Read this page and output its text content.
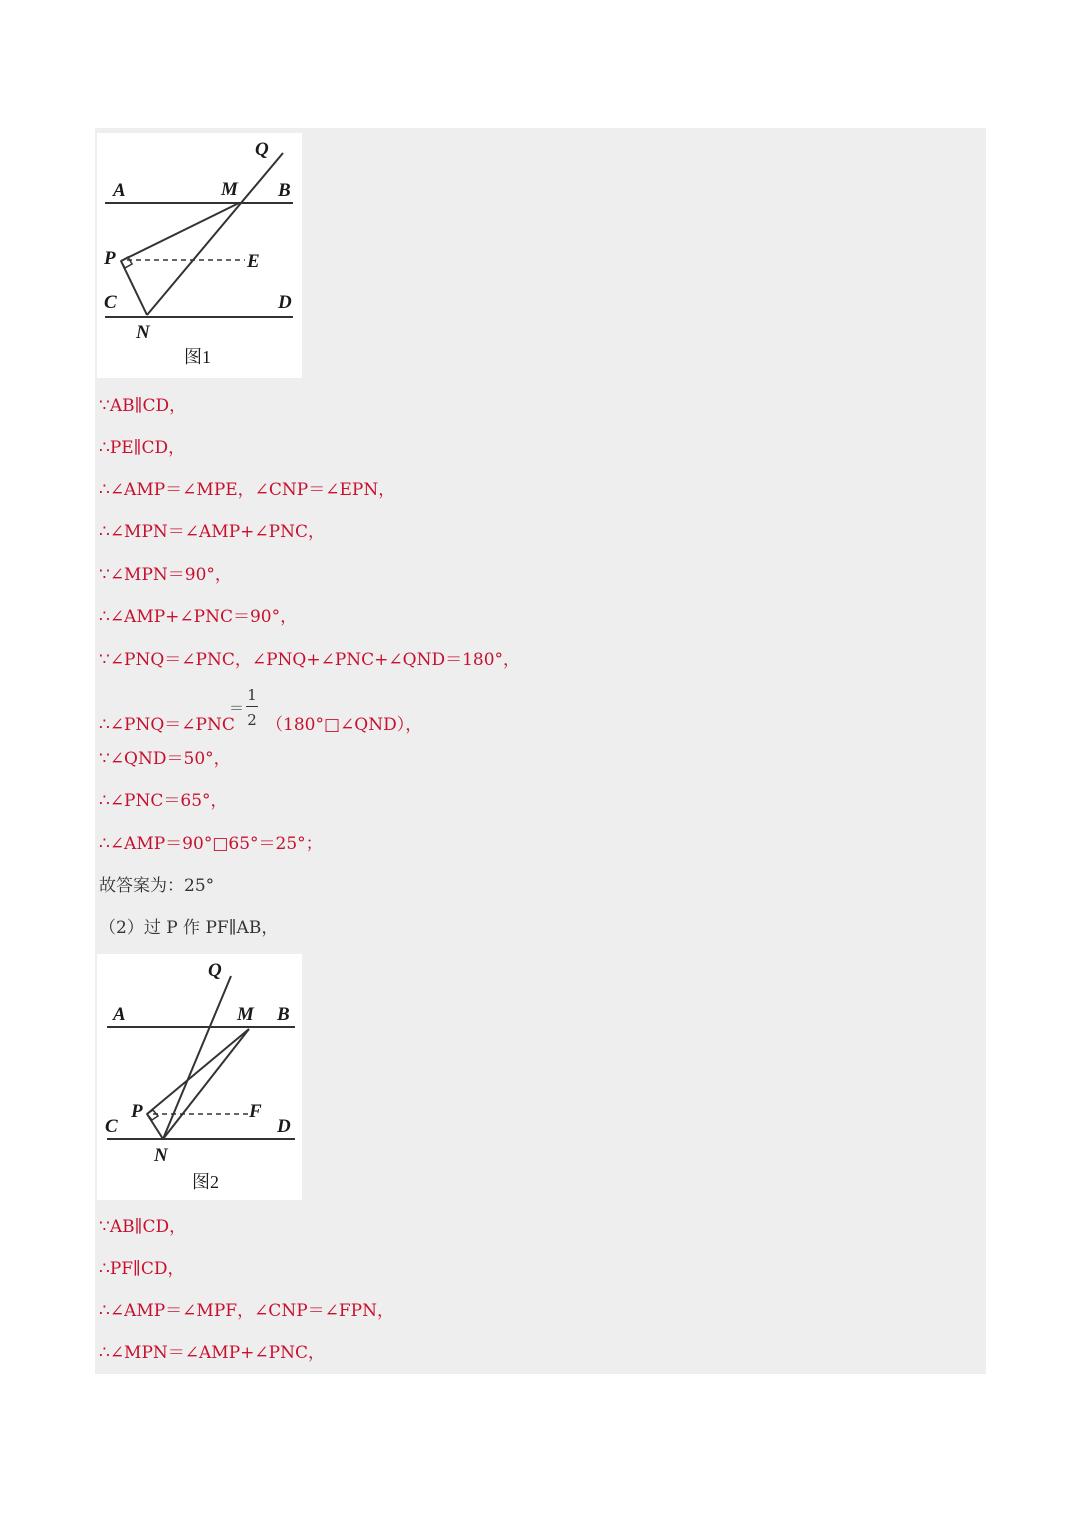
Q
A	M B
P	E
C	D
N
图1
∵AB∥CD，
∴PE∥CD，
∴∠AMP＝∠MPE，∠CNP＝∠EPN，
∴∠MPN＝∠AMP+∠PNC，
∵∠MPN＝90°，
∴∠AMP+∠PNC＝90°，
∵∠PNQ＝∠PNC，∠PNQ+∠PNC+∠QND＝180°，
∴∠PNQ＝∠PNC
＝
1
2 （180°□∠QND），
∵∠QND＝50°，
∴∠PNC＝65°，
∴∠AMP＝90°□65°＝25°；
故答案为：25°
（2）过 P 作 PF∥AB，
Q
A	M B
P	F
C	D
N
图2
∵AB∥CD，
∴PF∥CD，
∴∠AMP＝∠MPF，∠CNP＝∠FPN，
∴∠MPN＝∠AMP+∠PNC，
